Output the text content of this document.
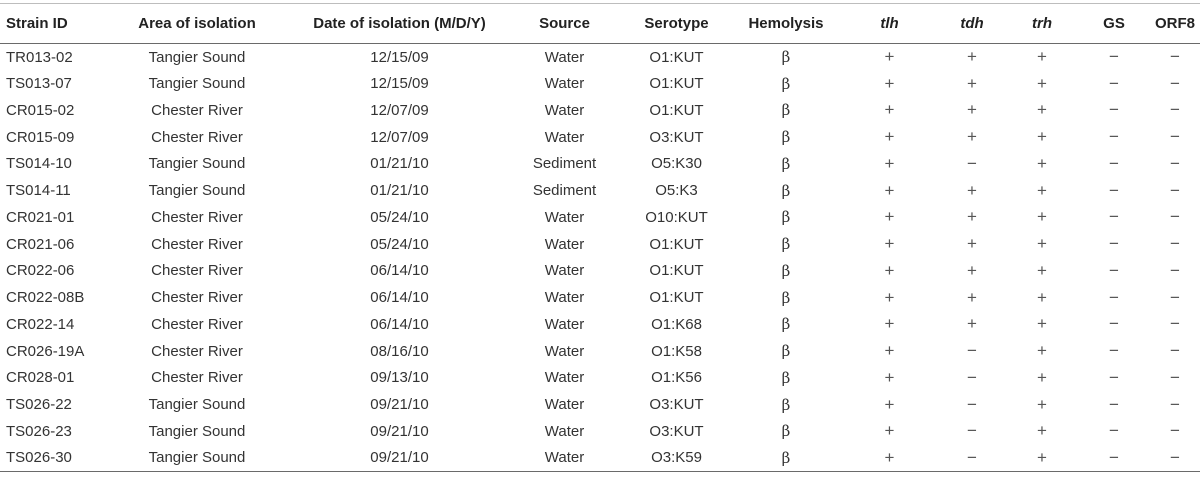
Strain ID	Area of isolation	Date of isolation (M/D/Y)	Source	Serotype	Hemolysis	tlh	tdh	trh	GS	ORF8
TR013-02	Tangier Sound	12/15/09	Water	O1:KUT	β	+	+	+	−	−
TS013-07	Tangier Sound	12/15/09	Water	O1:KUT	β	+	+	+	−	−
CR015-02	Chester River	12/07/09	Water	O1:KUT	β	+	+	+	−	−
CR015-09	Chester River	12/07/09	Water	O3:KUT	β	+	+	+	−	−
TS014-10	Tangier Sound	01/21/10	Sediment	O5:K30	β	+	−	+	−	−
TS014-11	Tangier Sound	01/21/10	Sediment	O5:K3	β	+	+	+	−	−
CR021-01	Chester River	05/24/10	Water	O10:KUT	β	+	+	+	−	−
CR021-06	Chester River	05/24/10	Water	O1:KUT	β	+	+	+	−	−
CR022-06	Chester River	06/14/10	Water	O1:KUT	β	+	+	+	−	−
CR022-08B	Chester River	06/14/10	Water	O1:KUT	β	+	+	+	−	−
CR022-14	Chester River	06/14/10	Water	O1:K68	β	+	+	+	−	−
CR026-19A	Chester River	08/16/10	Water	O1:K58	β	+	−	+	−	−
CR028-01	Chester River	09/13/10	Water	O1:K56	β	+	−	+	−	−
TS026-22	Tangier Sound	09/21/10	Water	O3:KUT	β	+	−	+	−	−
TS026-23	Tangier Sound	09/21/10	Water	O3:KUT	β	+	−	+	−	−
TS026-30	Tangier Sound	09/21/10	Water	O3:K59	β	+	−	+	−	−
